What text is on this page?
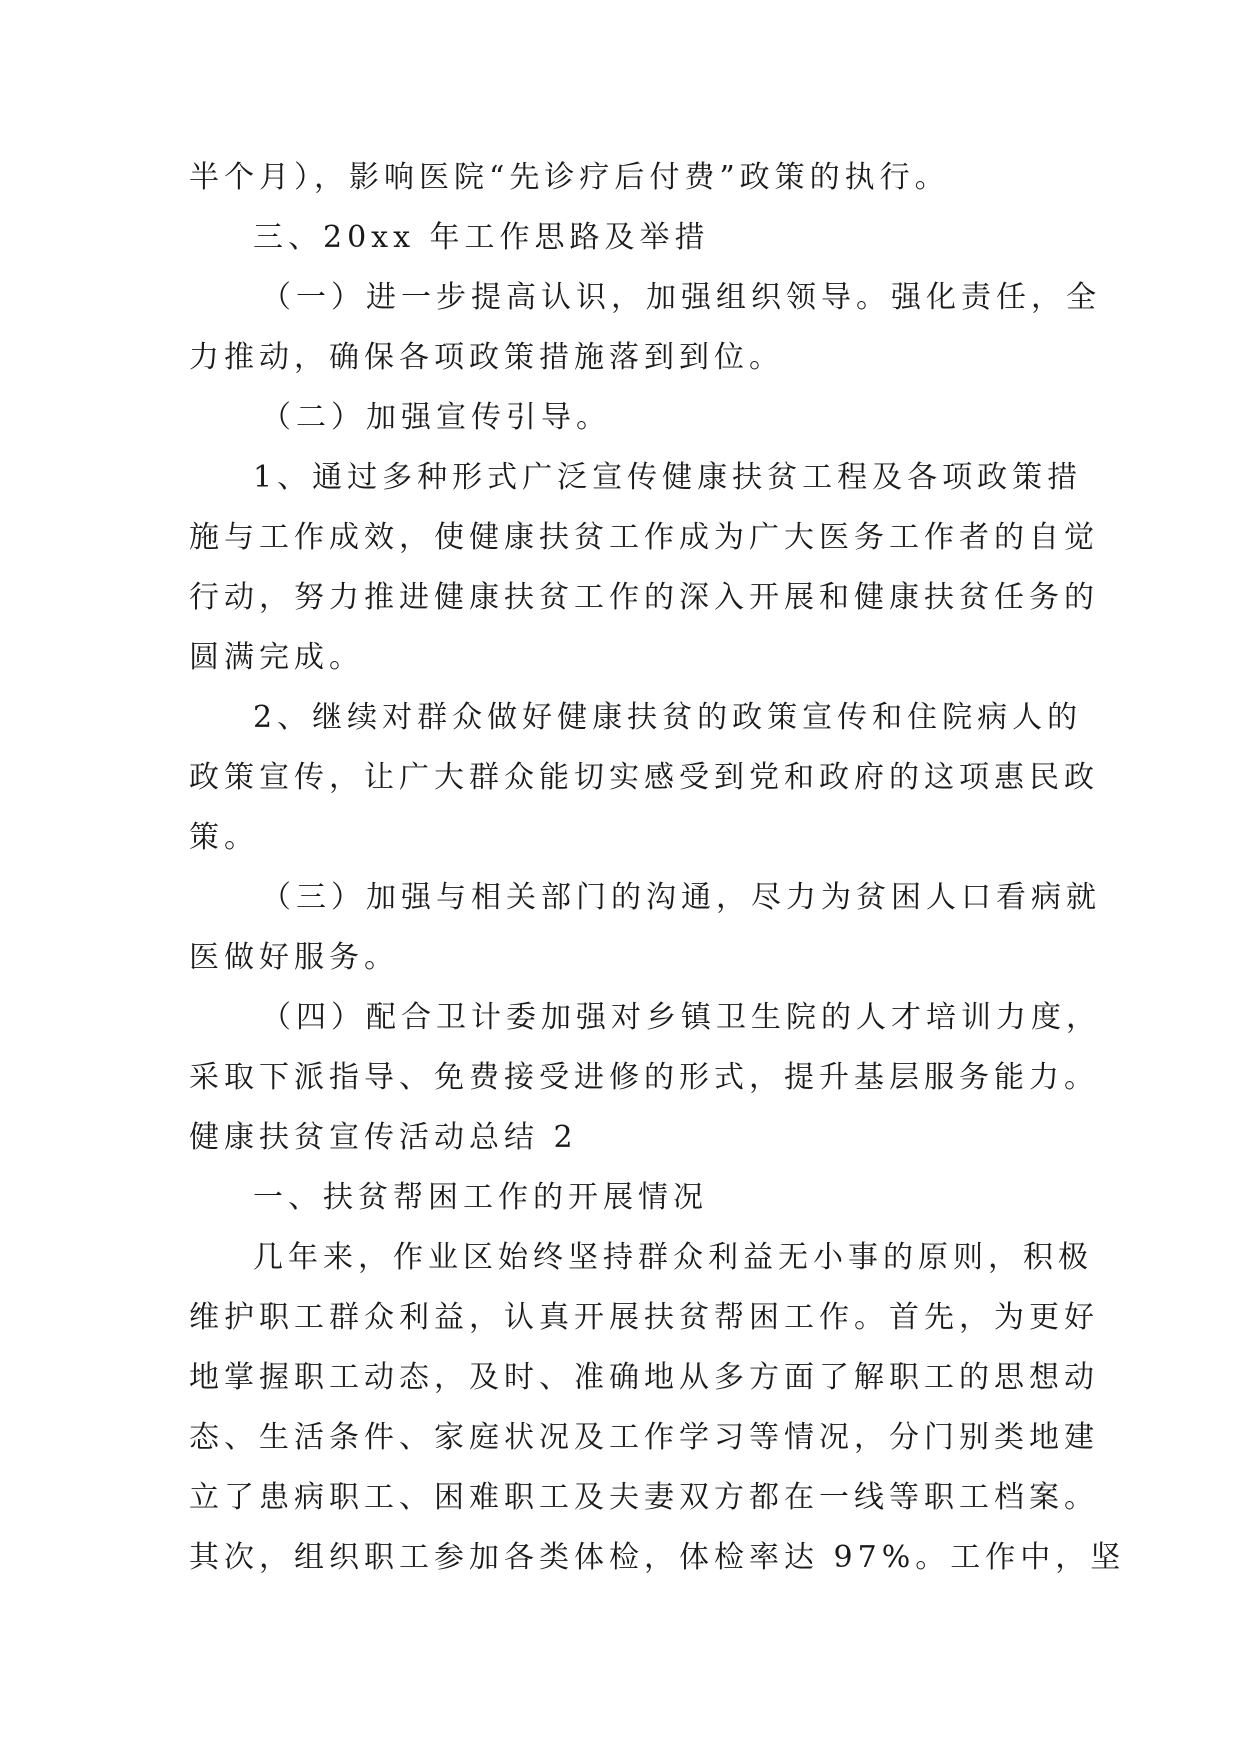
半个月），影响医院“先诊疗后付费”政策的执行。
三、20xx 年工作思路及举措
（一）进一步提高认识，加强组织领导。强化责任，全
力推动，确保各项政策措施落到到位。
（二）加强宣传引导。
1、通过多种形式广泛宣传健康扶贫工程及各项政策措
施与工作成效，使健康扶贫工作成为广大医务工作者的自觉
行动，努力推进健康扶贫工作的深入开展和健康扶贫任务的
圆满完成。
2、继续对群众做好健康扶贫的政策宣传和住院病人的
政策宣传，让广大群众能切实感受到党和政府的这项惠民政
策。
（三）加强与相关部门的沟通，尽力为贫困人口看病就
医做好服务。
（四）配合卫计委加强对乡镇卫生院的人才培训力度，
采取下派指导、免费接受进修的形式，提升基层服务能力。
健康扶贫宣传活动总结 2
一、扶贫帮困工作的开展情况
几年来，作业区始终坚持群众利益无小事的原则，积极
维护职工群众利益，认真开展扶贫帮困工作。首先，为更好
地掌握职工动态，及时、准确地从多方面了解职工的思想动
态、生活条件、家庭状况及工作学习等情况，分门别类地建
立了患病职工、困难职工及夫妻双方都在一线等职工档案。
其次，组织职工参加各类体检，体检率达 97%。工作中，坚
